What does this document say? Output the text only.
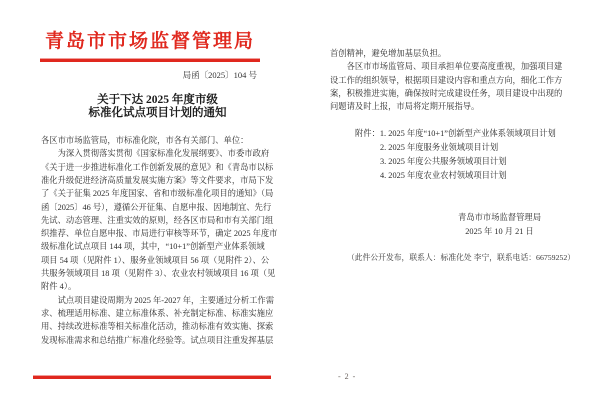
青岛市市场监督管理局
局函〔2025〕104 号
关于下达 2025 年度市级
标准化试点项目计划的通知
各区市市场监管局，市标准化院，市各有关部门、单位：
　　为深入贯彻落实贯彻《国家标准化发展纲要》、市委市政府
《关于进一步推进标准化工作创新发展的意见》和《青岛市以标
准化升级促进经济高质量发展实施方案》等文件要求，市局下发
了《关于征集 2025 年度国家、省和市级标准化项目的通知》（局
函〔2025〕46 号），遵循公开征集、自愿申报、因地制宜、先行
先试、动态管理、注重实效的原则，经各区市局和市有关部门组
织推荐、单位自愿申报、市局进行审核等环节，确定 2025 年度市
级标准化试点项目 144 项，其中，“10+1”创新型产业体系领域
项目 54 项（见附件 1）、服务业领域项目 56 项（见附件 2）、公
共服务领域项目 18 项（见附件 3）、农业农村领域项目 16 项（见
附件 4）。
　　试点项目建设周期为 2025 年-2027 年，主要通过分析工作需
求、梳理适用标准、建立标准体系、补充制定标准、标准实施应
用、持续改进标准等相关标准化活动，推动标准有效实施、探索
发现标准需求和总结推广标准化经验等。试点项目注重发挥基层
首创精神，避免增加基层负担。
　　各区市市场监管局、项目承担单位要高度重视，加强项目建
设工作的组织领导，根据项目建设内容和重点方向，细化工作方
案，积极推进实施，确保按时完成建设任务，项目建设中出现的
问题请及时上报，市局将定期开展指导。
附件：1. 2025 年度“10+1”创新型产业体系领域项目计划
2. 2025 年度服务业领域项目计划
3. 2025 年度公共服务领域项目计划
4. 2025 年度农业农村领域项目计划
青岛市市场监督管理局
2025 年 10 月 21 日
（此件公开发布，联系人：标准化处 李宁，联系电话：66759252）
- 2 -
